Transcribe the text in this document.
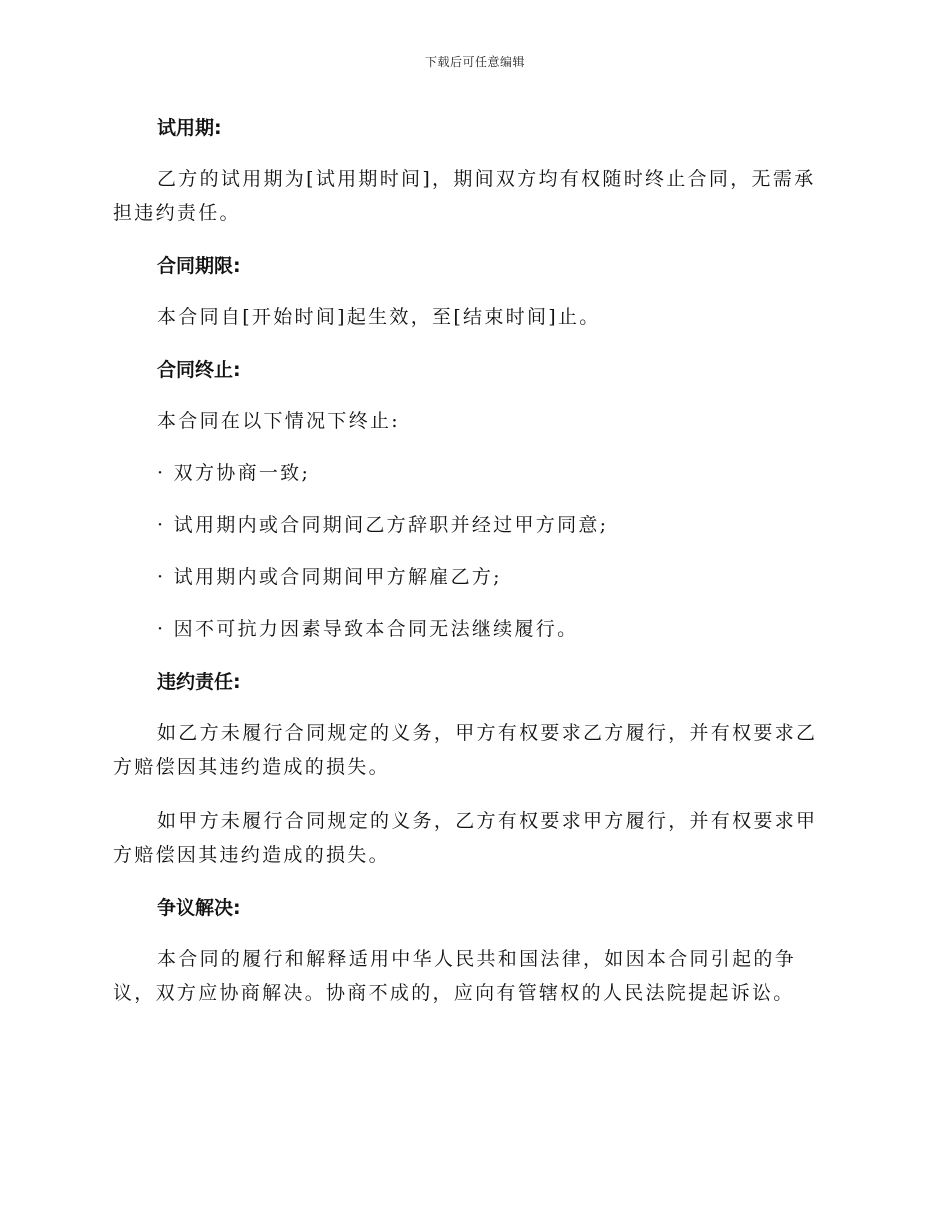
下载后可任意编辑
试用期:

乙方的试用期为[试用期时间]，期间双方均有权随时终止合同，无需承担违约责任。

合同期限:

本合同自[开始时间]起生效，至[结束时间]止。

合同终止:

本合同在以下情况下终止:

· 双方协商一致;

· 试用期内或合同期间乙方辞职并经过甲方同意;

· 试用期内或合同期间甲方解雇乙方;

· 因不可抗力因素导致本合同无法继续履行。

违约责任:

如乙方未履行合同规定的义务，甲方有权要求乙方履行，并有权要求乙方赔偿因其违约造成的损失。

如甲方未履行合同规定的义务，乙方有权要求甲方履行，并有权要求甲方赔偿因其违约造成的损失。

争议解决:

本合同的履行和解释适用中华人民共和国法律，如因本合同引起的争议，双方应协商解决。协商不成的，应向有管辖权的人民法院提起诉讼。
